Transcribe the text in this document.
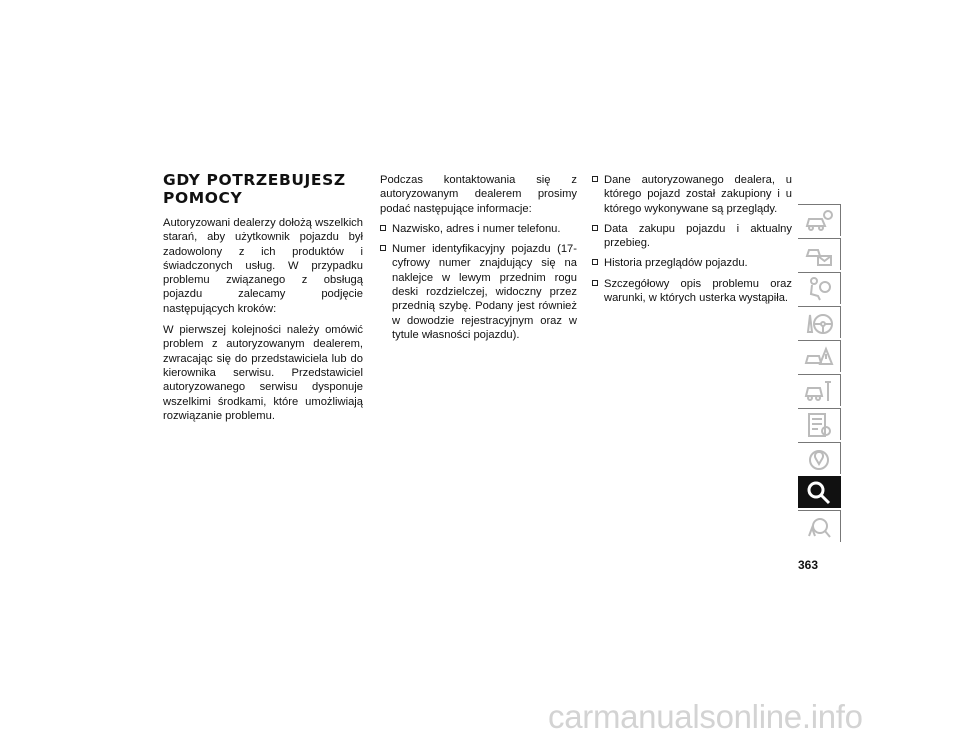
GDY POTRZEBUJESZ POMOCY

Autoryzowani dealerzy dołożą wszelkich starań, aby użytkownik pojazdu był zadowolony z ich produktów i świadczonych usług. W przypadku problemu związanego z obsługą pojazdu zalecamy podjęcie następujących kroków:

W pierwszej kolejności należy omówić problem z autoryzowanym dealerem, zwracając się do przedstawiciela lub do kierownika serwisu. Przedstawiciel autoryzowanego serwisu dysponuje wszelkimi środkami, które umożliwiają rozwiązanie problemu.

Podczas kontaktowania się z autoryzowanym dealerem prosimy podać następujące informacje:

Nazwisko, adres i numer telefonu.
Numer identyfikacyjny pojazdu (17-cyfrowy numer znajdujący się na naklejce w lewym przednim rogu deski rozdzielczej, widoczny przez przednią szybę. Podany jest również w dowodzie rejestracyjnym oraz w tytule własności pojazdu).
Dane autoryzowanego dealera, u którego pojazd został zakupiony i u którego wykonywane są przeglądy.
Data zakupu pojazdu i aktualny przebieg.
Historia przeglądów pojazdu.
Szczegółowy opis problemu oraz warunki, w których usterka wystąpiła.
363
carmanualsonline.info
